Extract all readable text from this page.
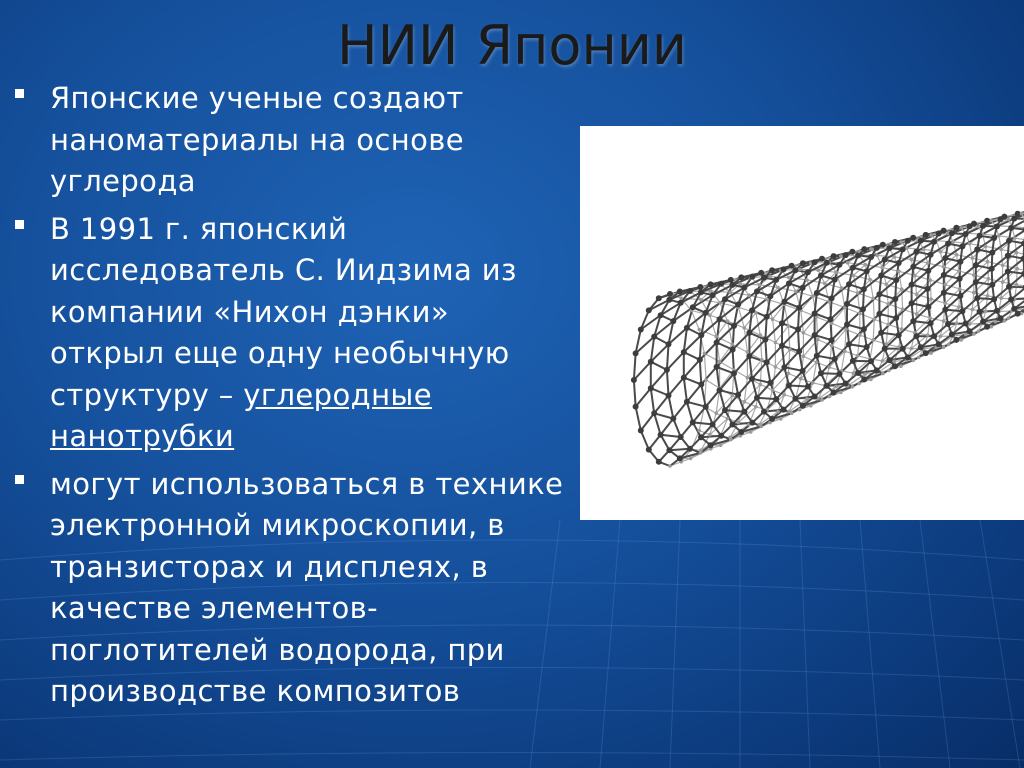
НИИ Японии
Японские ученые создают наноматериалы на основе углерода
В 1991 г. японский исследователь С. Иидзима из компании «Нихон дэнки» открыл еще одну необычную структуру – углеродные нанотрубки
могут использоваться в технике электронной микроскопии, в транзисторах и дисплеях, в качестве элементов-поглотителей водорода, при производстве композитов
